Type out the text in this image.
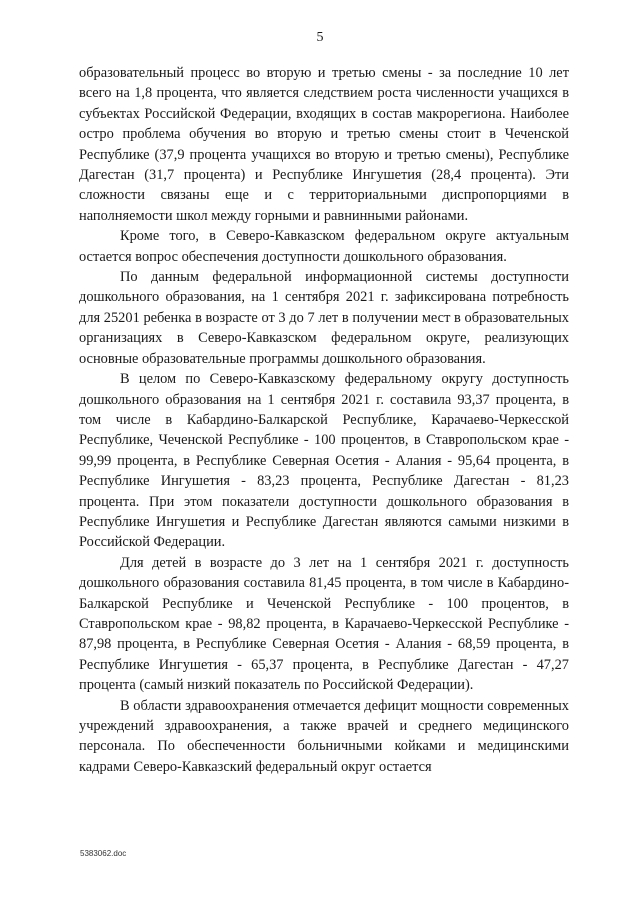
5

образовательный процесс во вторую и третью смены - за последние 10 лет всего на 1,8 процента, что является следствием роста численности учащихся в субъектах Российской Федерации, входящих в состав макрорегиона. Наиболее остро проблема обучения во вторую и третью смены стоит в Чеченской Республике (37,9 процента учащихся во вторую и третью смены), Республике Дагестан (31,7 процента) и Республике Ингушетия (28,4 процента). Эти сложности связаны еще и с территориальными диспропорциями в наполняемости школ между горными и равнинными районами.

Кроме того, в Северо-Кавказском федеральном округе актуальным остается вопрос обеспечения доступности дошкольного образования.

По данным федеральной информационной системы доступности дошкольного образования, на 1 сентября 2021 г. зафиксирована потребность для 25201 ребенка в возрасте от 3 до 7 лет в получении мест в образовательных организациях в Северо-Кавказском федеральном округе, реализующих основные образовательные программы дошкольного образования.

В целом по Северо-Кавказскому федеральному округу доступность дошкольного образования на 1 сентября 2021 г. составила 93,37 процента, в том числе в Кабардино-Балкарской Республике, Карачаево-Черкесской Республике, Чеченской Республике - 100 процентов, в Ставропольском крае - 99,99 процента, в Республике Северная Осетия - Алания - 95,64 процента, в Республике Ингушетия - 83,23 процента, Республике Дагестан - 81,23 процента. При этом показатели доступности дошкольного образования в Республике Ингушетия и Республике Дагестан являются самыми низкими в Российской Федерации.

Для детей в возрасте до 3 лет на 1 сентября 2021 г. доступность дошкольного образования составила 81,45 процента, в том числе в Кабардино-Балкарской Республике и Чеченской Республике - 100 процентов, в Ставропольском крае - 98,82 процента, в Карачаево-Черкесской Республике - 87,98 процента, в Республике Северная Осетия - Алания - 68,59 процента, в Республике Ингушетия - 65,37 процента, в Республике Дагестан - 47,27 процента (самый низкий показатель по Российской Федерации).

В области здравоохранения отмечается дефицит мощности современных учреждений здравоохранения, а также врачей и среднего медицинского персонала. По обеспеченности больничными койками и медицинскими кадрами Северо-Кавказский федеральный округ остается

5383062.doc
